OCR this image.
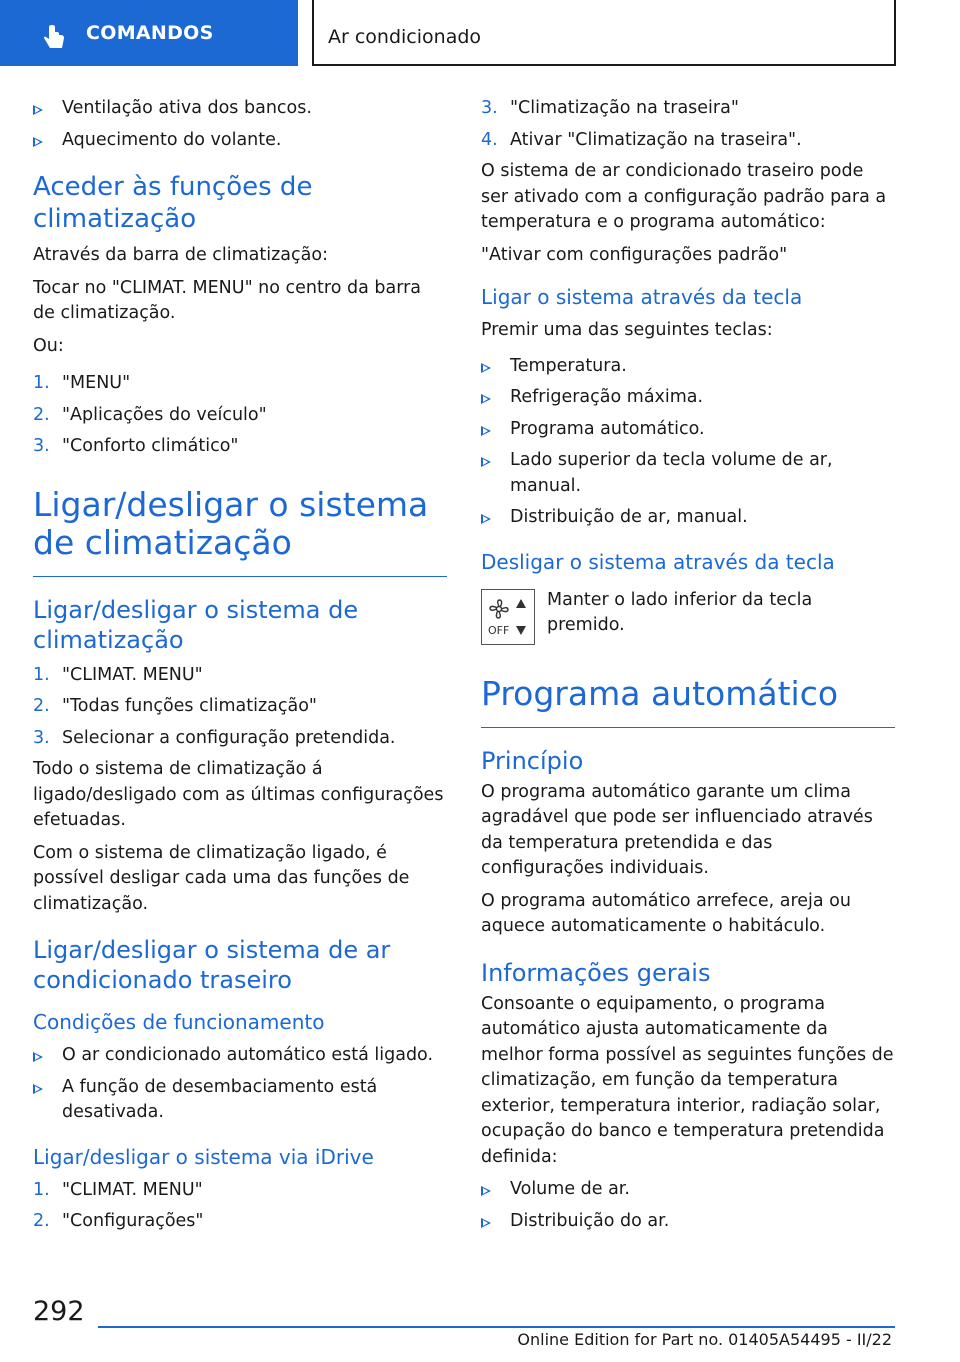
COMANDOS	Ar condicionado
Ventilação ativa dos bancos.
Aquecimento do volante.
Aceder às funções de climatização

Através da barra de climatização:

Tocar no "CLIMAT. MENU" no centro da barra de climatização.

Ou:

1. "MENU"
2. "Aplicações do veículo"
3. "Conforto climático"
Ligar/desligar o sistema de climatização
Ligar/desligar o sistema de climatização
1. "CLIMAT. MENU"
2. "Todas funções climatização"
3. Selecionar a configuração pretendida.

Todo o sistema de climatização á ligado/desligado com as últimas configurações efetuadas.

Com o sistema de climatização ligado, é possível desligar cada uma das funções de climatização.

Ligar/desligar o sistema de ar condicionado traseiro
Condições de funcionamento
O ar condicionado automático está ligado.
A função de desembaciamento está desativada.
Ligar/desligar o sistema via iDrive
1. "CLIMAT. MENU"
2. "Configurações"
3. "Climatização na traseira"
4. Ativar "Climatização na traseira".

O sistema de ar condicionado traseiro pode ser ativado com a configuração padrão para a temperatura e o programa automático:

"Ativar com configurações padrão"

Ligar o sistema através da tecla

Premir uma das seguintes teclas:

Temperatura.
Refrigeração máxima.
Programa automático.
Lado superior da tecla volume de ar, manual.
Distribuição de ar, manual.
Desligar o sistema através da tecla
OFF

Manter o lado inferior da tecla premido.

Programa automático
Princípio

O programa automático garante um clima agradável que pode ser influenciado através da temperatura pretendida e das configurações individuais.

O programa automático arrefece, areja ou aquece automaticamente o habitáculo.

Informações gerais

Consoante o equipamento, o programa automático ajusta automaticamente da melhor forma possível as seguintes funções de climatização, em função da temperatura exterior, temperatura interior, radiação solar, ocupação do banco e temperatura pretendida definida:

Volume de ar.
Distribuição do ar.
292
Online Edition for Part no. 01405A54495 - II/22
